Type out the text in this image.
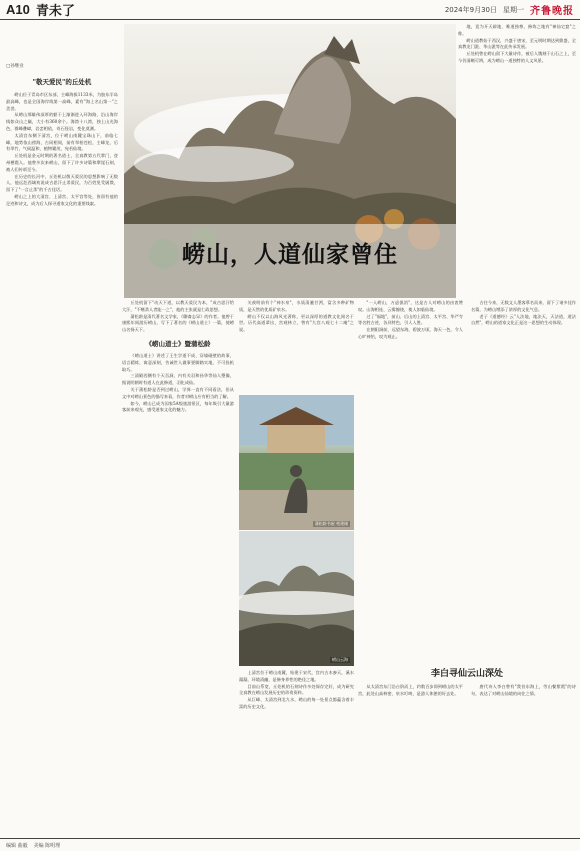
A10 青未了	2024年9月30日 星期一 齐鲁晚报
崂山，人道仙家曾住
□孙继业
"敬天爱民"的丘处机

崂山位于青岛市区东部，主峰海拔1133米，为胶东半岛最高峰，也是全国海岸线第一高峰，素有"海上名山第一"之美誉。

从崂山那雄伟深厚的躯干上渐渐进入环海路，沿山海岸线如众山之巅，大小有360余个。海湾十八湾，独上山光海色，群峰叠嶂，岩峦相依，奇石怪岩，变化莫测。

太清宫东侧下清宫，位于崂山南麓宝珠山下，前临七峰，地势依山傍海，古同相间，前有翠柏苍松，主峰龙，后有翠竹，气候温和，植物繁茂，宛若仙境。

丘处机是金元时期的著名道士，全真教第五代掌门，登州栖霞人。他曾多次来崂山，留下了许多诗篇和摩崖石刻，被人们传颂至今。

在历史的长河中，丘处机以敬天爱民的思想影响了无数人，他远赴西域劝说成吉思汗止杀爱民，为百姓免受屠戮，留下了"一言止杀"的千古佳话。

崂山之上的大清宫、上清宫、太平宫等处，皆留有他的足迹和诗文，成为后人探寻道家文化的重要线索。

丘处机留下"动天下道，以教天爱民为本，"成吉思汗给大汗，"不嗜杀人者能一之"，他的主张就是仁政思想。

蒲松龄是清代著名文学家，《聊斋志异》的作者。他曾于康熙年间游历崂山，写下了著名的《崂山道士》一篇，使崂山名扬天下。

《崂山道士》暨蒲松龄

《崂山道士》讲述了王生学道不成、穿墙碰壁的故事，语言精炼，寓意深刻，告诫世人做事要脚踏实地，不可投机取巧。

三清殿西侧有个天吾洞，内有关羽和孙华等仙人塑像，据说明朝时有道人在此修道，羽化成仙。

关于蒲松龄是否到过崂山，学界一直有不同看法，但从文中对崂山景色的描写来看，作者对崂山应有相当的了解。

如今，崂山已成为国家5A级旅游景区，每年吸引大量游客前来观光，感受道家文化的魅力。

关羡明前有个"神水泉"，水质清澈甘洌，富含多种矿物质，是天然的优质矿泉水。

崂山不仅以山海风光著称，更以深厚的道教文化闻名于世。历代高道辈出，宫观林立，曾有"九宫八观七十二庵"之说。

蒲松龄书屋 苑建刚
崂山云海

上清宫位于崂山南麓，始建于宋代，宫内古木参天，溪水潺潺，环境清幽，是修身养性的绝佳之地。

目前山系宽，丘处机的石刻诗作多处保存完好，成为研究全真教在崂山发展历史的珍贵资料。

从巨峰、太清宫到北九水，崂山的每一处景点都蕴含着丰富的历史文化。

地，竟为开天辟地、唯道独尊，修炼之地有"神仙宅窟"之称。

崂山道教始于西汉，兴盛于唐宋，至元明时期达到鼎盛，全真教龙门派、华山派等在此传承发展。

丘处机曾在崂山留下大量诗作，被后人镌刻于山石之上，至今仍清晰可辨，成为崂山一道独特的人文风景。

"一入崂山，万虑俱消"，这是古人对崂山的由衷赞叹。山海相连、云雾缭绕，使人如临仙境。

过了"福地"，前山、后山的上清宫、太平宫、华严寺等名胜古迹，各具特色，引人入胜。

在朝阳洞前，远望东海，碧波万顷，海天一色，令人心旷神怡，叹为观止。

古往今来，无数文人墨客慕名而来，留下了诸多佳作名篇，为崂山增添了浓厚的文化气息。

老子《道德经》云"人法地，地法天，天法道，道法自然"，崂山的道家文化正是这一思想的生动体现。

李白寻仙云山深处

从太清宫东门沿台阶而上，约数百步即到崂山的太平宫，此处山高林密，泉水叮咚，是游人休憩的好去处。

唐代诗人李白曾有"我昔东海上，劳山餐紫霞"的诗句，表达了对崂山仙境的向往之情。

编辑 曲毅 美编 陈明理
